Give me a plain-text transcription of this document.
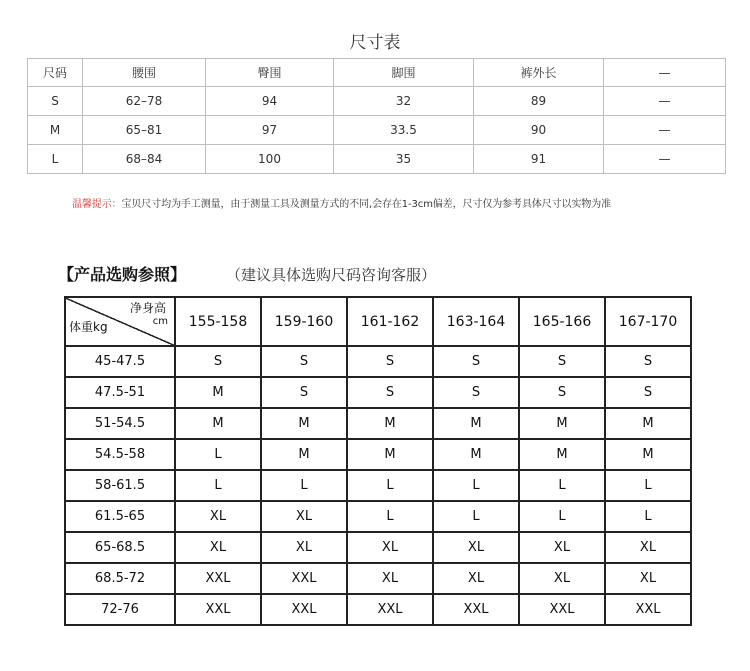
尺寸表
尺码	腰围	臀围	脚围	裤外长	—
S	62–78	94	32	89	—
M	65–81	97	33.5	90	—
L	68–84	100	35	91	—
温馨提示：宝贝尺寸均为手工测量，由于测量工具及测量方式的不同,会存在1-3cm偏差，尺寸仅为参考具体尺寸以实物为准
【产品选购参照】	（建议具体选购尺码咨询客服）
净身高
cm
体重kg	155-158	159-160	161-162	163-164	165-166	167-170
45-47.5	S	S	S	S	S	S
47.5-51	M	S	S	S	S	S
51-54.5	M	M	M	M	M	M
54.5-58	L	M	M	M	M	M
58-61.5	L	L	L	L	L	L
61.5-65	XL	XL	L	L	L	L
65-68.5	XL	XL	XL	XL	XL	XL
68.5-72	XXL	XXL	XL	XL	XL	XL
72-76	XXL	XXL	XXL	XXL	XXL	XXL
